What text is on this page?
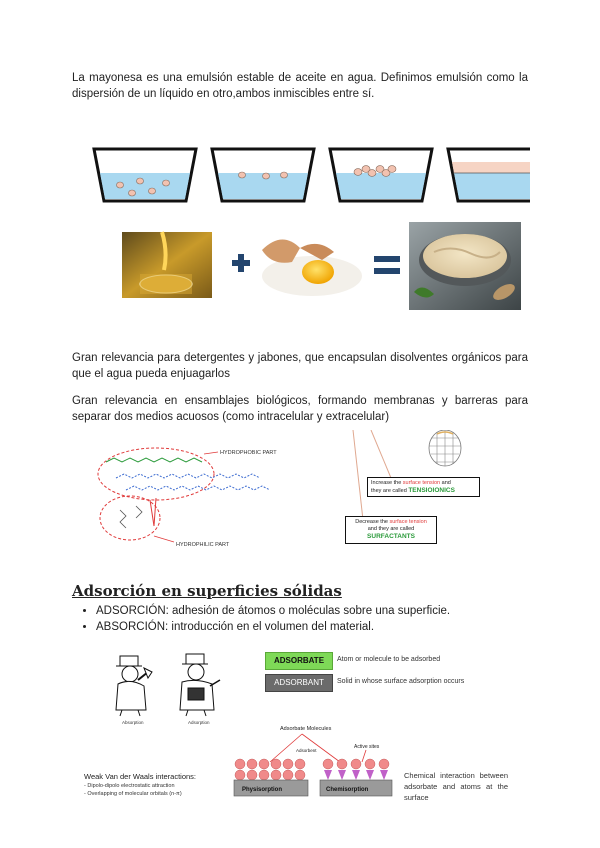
La mayonesa es una emulsión estable de aceite en agua. Definimos emulsión como la dispersión de un líquido en otro,ambos inmiscibles entre sí.
Gran relevancia para detergentes y jabones, que encapsulan disolventes orgánicos para que el agua pueda enjuagarlos
Gran relevancia en ensamblajes biológicos, formando membranas y barreras para separar dos medios acuosos (como intracelular y extracelular)
HYDROPHOBIC PART
HYDROPHILIC PART
Increase the surface tension and
they are called TENSIOIONICS
Decrease the surface tension
and they are called
SURFACTANTS
Adsorción en superficies sólidas
• ADSORCIÓN: adhesión de átomos o moléculas sobre una superficie.
• ABSORCIÓN: introducción en el volumen del material.
Absorption	Adsorption
ADSORBATE	Atom or molecule to be adsorbed
ADSORBANT	Solid in whose surface adsorption occurs
Adsorbate Molecules
Adsorbent
Active sites
Physisorption	Chemisorption
Weak Van der Waals interactions:
- Dipolo-dipolo electrostatic attraction
- Overlapping of molecular orbitals (n-π)
Chemical interaction between adsorbate and atoms at the surface
